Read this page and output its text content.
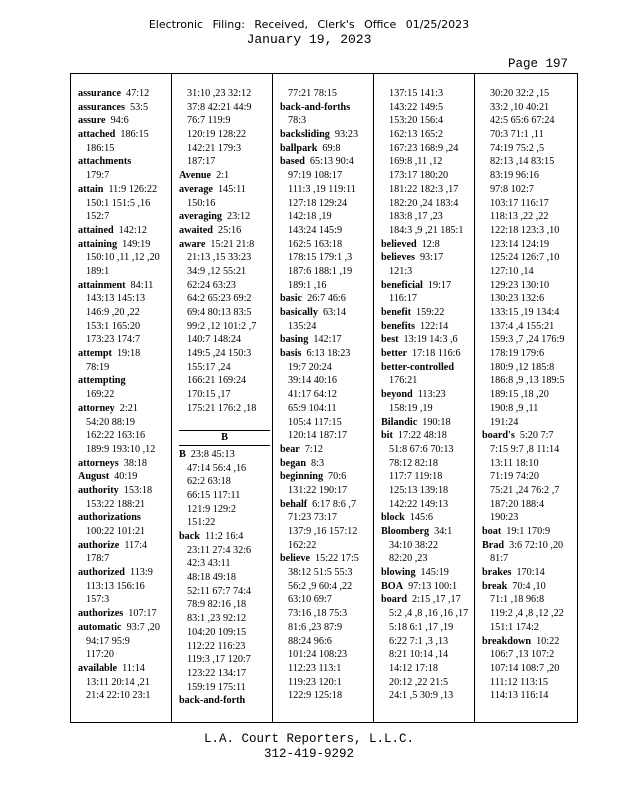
Electronic Filing: Received, Clerk's Office 01/25/2023
January 19, 2023
Page 197
assurance 47:12
assurances 53:5
assure 94:6
attached 186:15
186:15
attachments
179:7
attain 11:9 126:22
150:1 151:5 ,16
152:7
attained 142:12
attaining 149:19
150:10 ,11 ,12 ,20
189:1
attainment 84:11
143:13 145:13
146:9 ,20 ,22
153:1 165:20
173:23 174:7
attempt 19:18
78:19
attempting
169:22
attorney 2:21
54:20 88:19
162:22 163:16
189:9 193:10 ,12
attorneys 38:18
August 40:19
authority 153:18
153:22 188:21
authorizations
100:22 101:21
authorize 117:4
178:7
authorized 113:9
113:13 156:16
157:3
authorizes 107:17
automatic 93:7 ,20
94:17 95:9
117:20
available 11:14
13:11 20:14 ,21
21:4 22:10 23:1
31:10 ,23 32:12
37:8 42:21 44:9
76:7 119:9
120:19 128:22
142:21 179:3
187:17
Avenue 2:1
average 145:11
150:16
averaging 23:12
awaited 25:16
aware 15:21 21:8
21:13 ,15 33:23
34:9 ,12 55:21
62:24 63:23
64:2 65:23 69:2
69:4 80:13 83:5
99:2 ,12 101:2 ,7
140:7 148:24
149:5 ,24 150:3
155:17 ,24
166:21 169:24
170:15 ,17
175:21 176:2 ,18
B
B 23:8 45:13
47:14 56:4 ,16
62:2 63:18
66:15 117:11
121:9 129:2
151:22
back 11:2 16:4
23:11 27:4 32:6
42:3 43:11
48:18 49:18
52:11 67:7 74:4
78:9 82:16 ,18
83:1 ,23 92:12
104:20 109:15
112:22 116:23
119:3 ,17 120:7
123:22 134:17
159:19 175:11
back-and-forth
77:21 78:15
back-and-forths
78:3
backsliding 93:23
ballpark 69:8
based 65:13 90:4
97:19 108:17
111:3 ,19 119:11
127:18 129:24
142:18 ,19
143:24 145:9
162:5 163:18
178:15 179:1 ,3
187:6 188:1 ,19
189:1 ,16
basic 26:7 46:6
basically 63:14
135:24
basing 142:17
basis 6:13 18:23
19:7 20:24
39:14 40:16
41:17 64:12
65:9 104:11
105:4 117:15
120:14 187:17
bear 7:12
began 8:3
beginning 70:6
131:22 190:17
behalf 6:17 8:6 ,7
71:23 73:17
137:9 ,16 157:12
162:22
believe 15:22 17:5
38:12 51:5 55:3
56:2 ,9 60:4 ,22
63:10 69:7
73:16 ,18 75:3
81:6 ,23 87:9
88:24 96:6
101:24 108:23
112:23 113:1
119:23 120:1
122:9 125:18
137:15 141:3
143:22 149:5
153:20 156:4
162:13 165:2
167:23 168:9 ,24
169:8 ,11 ,12
173:17 180:20
181:22 182:3 ,17
182:20 ,24 183:4
183:8 ,17 ,23
184:3 ,9 ,21 185:1
believed 12:8
believes 93:17
121:3
beneficial 19:17
116:17
benefit 159:22
benefits 122:14
best 13:19 14:3 ,6
better 17:18 116:6
better-controlled
176:21
beyond 113:23
158:19 ,19
Bilandic 190:18
bit 17:22 48:18
51:8 67:6 70:13
78:12 82:18
117:7 119:18
125:13 139:18
142:22 149:13
block 145:6
Bloomberg 34:1
34:10 38:22
82:20 ,23
blowing 145:19
BOA 97:13 100:1
board 2:15 ,17 ,17
5:2 ,4 ,8 ,16 ,16 ,17
5:18 6:1 ,17 ,19
6:22 7:1 ,3 ,13
8:21 10:14 ,14
14:12 17:18
20:12 ,22 21:5
24:1 ,5 30:9 ,13
30:20 32:2 ,15
33:2 ,10 40:21
42:5 65:6 67:24
70:3 71:1 ,11
74:19 75:2 ,5
82:13 ,14 83:15
83:19 96:16
97:8 102:7
103:17 116:17
118:13 ,22 ,22
122:18 123:3 ,10
123:14 124:19
125:24 126:7 ,10
127:10 ,14
129:23 130:10
130:23 132:6
133:15 ,19 134:4
137:4 ,4 155:21
159:3 ,7 ,24 176:9
178:19 179:6
180:9 ,12 185:8
186:8 ,9 ,13 189:5
189:15 ,18 ,20
190:8 ,9 ,11
191:24
board's 5:20 7:7
7:15 9:7 ,8 11:14
13:11 18:10
71:19 74:20
75:21 ,24 76:2 ,7
187:20 188:4
190:23
boat 19:1 170:9
Brad 3:6 72:10 ,20
81:7
brakes 170:14
break 70:4 ,10
71:1 ,18 96:8
119:2 ,4 ,8 ,12 ,22
151:1 174:2
breakdown 10:22
106:7 ,13 107:2
107:14 108:7 ,20
111:12 113:15
114:13 116:14
L.A. Court Reporters, L.L.C.
312-419-9292
